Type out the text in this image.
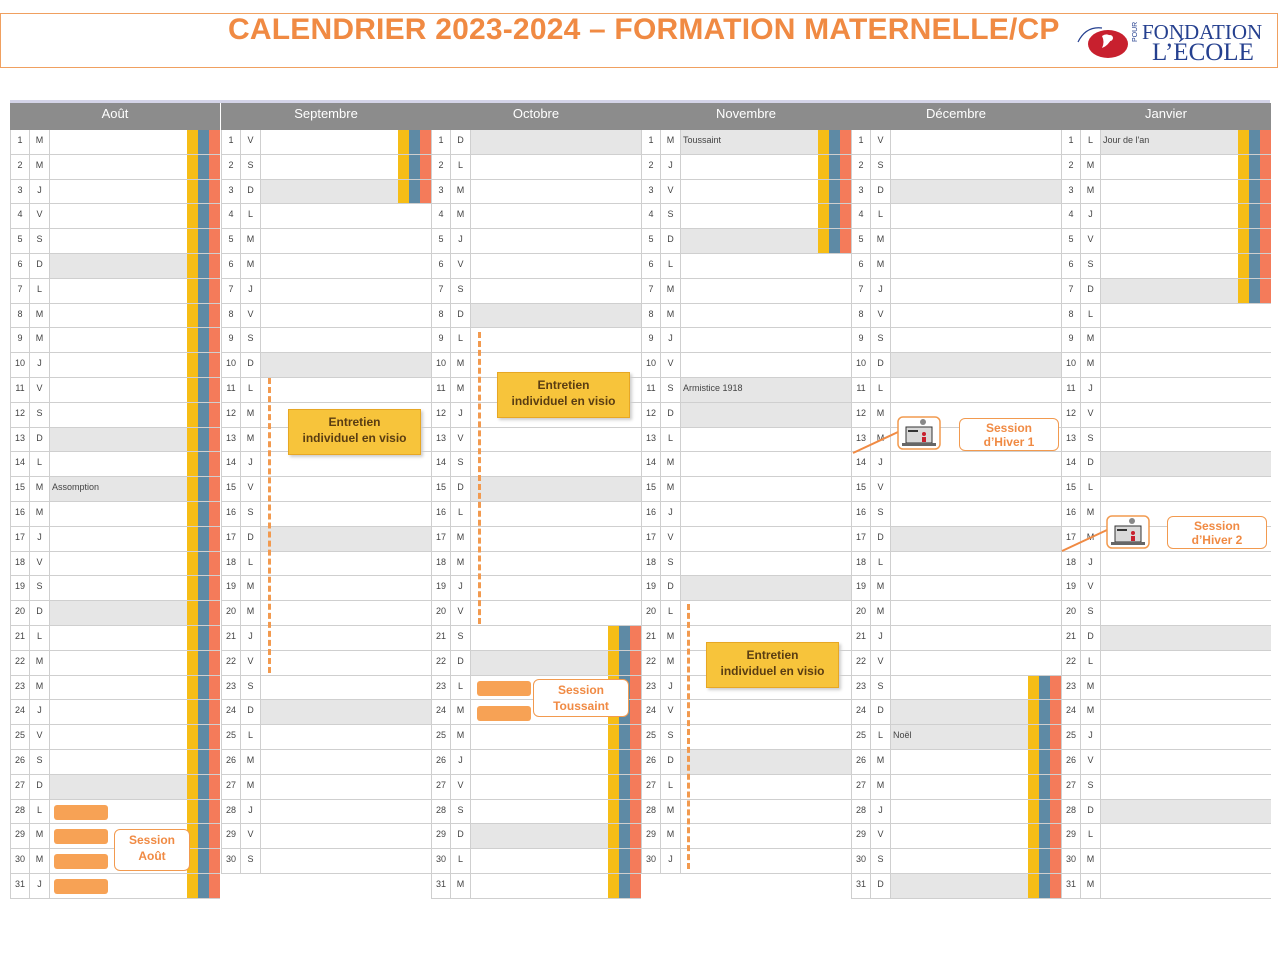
CALENDRIER 2023-2024 – FORMATION MATERNELLE/CP	POUR FONDATION
L’ÉCOLE
Août
1	M
2	M
3	J
4	V
5	S
6	D
7	L
8	M
9	M
10	J
11	V
12	S
13	D
14	L
15	M Assomption
16	M
17	J
18	V
19	S
20	D
21	L
22	M
23	M
24	J
25	V
26	S
27	D
28	L
29	M
30	M
31	J
Septembre
1	V
2	S
3	D
4	L
5	M
6	M
7	J
8	V
9	S
10	D
11	L
12	M
13	M
14	J
15	V
16	S
17	D
18	L
19	M
20	M
21	J
22	V
23	S
24	D
25	L
26	M
27	M
28	J
29	V
30	S
Octobre
1	D
2	L
3	M
4	M
5	J
6	V
7	S
8	D
9	L
10	M
11	M
12	J
13	V
14	S
15	D
16	L
17	M
18	M
19	J
20	V
21	S
22	D
23	L
24	M
25	M
26	J
27	V
28	S
29	D
30	L
31	M
Novembre
1	M Toussaint
2	J
3	V
4	S
5	D
6	L
7	M
8	M
9	J
10	V
11	S	Armistice 1918
12	D
13	L
14	M
15	M
16	J
17	V
18	S
19	D
20	L
21	M
22	M
23	J
24	V
25	S
26	D
27	L
28	M
29	M
30	J
Décembre
1	V
2	S
3	D
4	L
5	M
6	M
7	J
8	V
9	S
10	D
11	L
12	M
13	M
14	J
15	V
16	S
17	D
18	L
19	M
20	M
21	J
22	V
23	S
24	D
25	L	Noël
26	M
27	M
28	J
29	V
30	S
31	D
Janvier
1	L	Jour de l'an
2	M
3	M
4	J
5	V
6	S
7	D
8	L
9	M
10	M
11	J
12	V
13	S
14	D
15	L
16	M
17	M
18	J
19	V
20	S
21	D
22	L
23	M
24	M
25	J
26	V
27	S
28	D
29	L
30	M
31	M
Entretien
individuel en visio
Entretien
individuel en visio
Entretien
individuel en visio
Session
Août
Session
Toussaint
Session
d’Hiver 1
Session
d’Hiver 2
